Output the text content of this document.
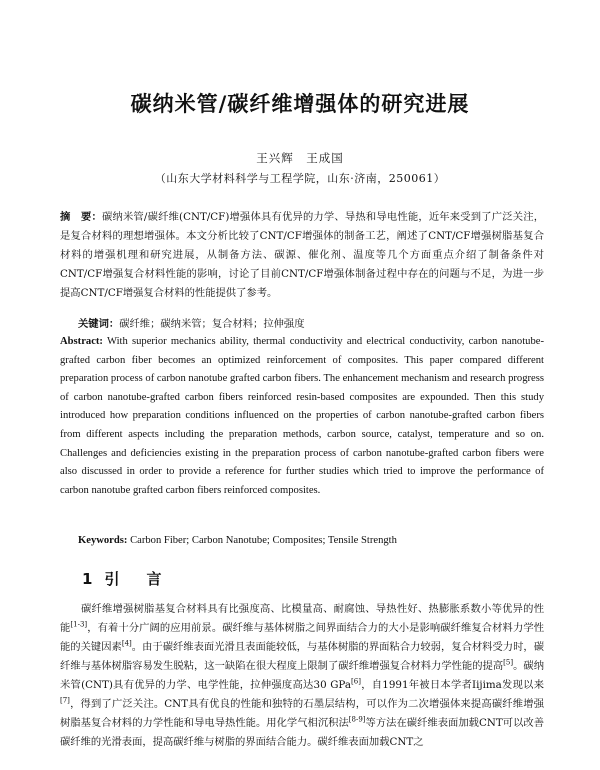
碳纳米管/碳纤维增强体的研究进展
王兴辉　王成国
（山东大学材料科学与工程学院，山东·济南，250061）
摘　要：碳纳米管/碳纤维(CNT/CF)增强体具有优异的力学、导热和导电性能，近年来受到了广泛关注，是复合材料的理想增强体。本文分析比较了CNT/CF增强体的制备工艺，阐述了CNT/CF增强树脂基复合材料的增强机理和研究进展，从制备方法、碳源、催化剂、温度等几个方面重点介绍了制备条件对CNT/CF增强复合材料性能的影响，讨论了目前CNT/CF增强体制备过程中存在的问题与不足，为进一步提高CNT/CF增强复合材料的性能提供了参考。
关键词：碳纤维；碳纳米管；复合材料；拉伸强度
Abstract: With superior mechanics ability, thermal conductivity and electrical conductivity, carbon nanotube-grafted carbon fiber becomes an optimized reinforcement of composites. This paper compared different preparation process of carbon nanotube grafted carbon fibers. The enhancement mechanism and research progress of carbon nanotube-grafted carbon fibers reinforced resin-based composites are expounded. Then this study introduced how preparation conditions influenced on the properties of carbon nanotube-grafted carbon fibers from different aspects including the preparation methods, carbon source, catalyst, temperature and so on. Challenges and deficiencies existing in the preparation process of carbon nanotube-grafted carbon fibers were also discussed in order to provide a reference for further studies which tried to improve the performance of carbon nanotube grafted carbon fibers reinforced composites.
Keywords: Carbon Fiber; Carbon Nanotube; Composites; Tensile Strength
1 引　言
碳纤维增强树脂基复合材料具有比强度高、比模量高、耐腐蚀、导热性好、热膨胀系数小等优异的性能[1-3]，有着十分广阔的应用前景。碳纤维与基体树脂之间界面结合力的大小是影响碳纤维复合材料力学性能的关键因素[4]。由于碳纤维表面光滑且表面能较低，与基体树脂的界面粘合力较弱，复合材料受力时，碳纤维与基体树脂容易发生脱粘，这一缺陷在很大程度上限制了碳纤维增强复合材料力学性能的提高[5]。碳纳米管(CNT)具有优异的力学、电学性能，拉伸强度高达30 GPa[6]，自1991年被日本学者Iijima发现以来[7]，得到了广泛关注。CNT具有优良的性能和独特的石墨层结构，可以作为二次增强体来提高碳纤维增强树脂基复合材料的力学性能和导电导热性能。用化学气相沉积法[8-9]等方法在碳纤维表面加载CNT可以改善碳纤维的光滑表面，提高碳纤维与树脂的界面结合能力。碳纤维表面加载CNT之
